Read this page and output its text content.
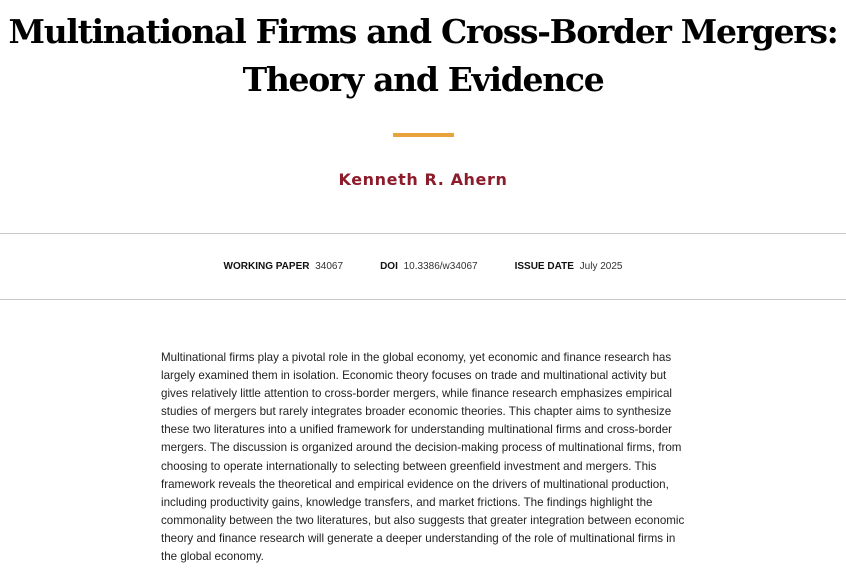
Multinational Firms and Cross-Border Mergers:
Theory and Evidence
Kenneth R. Ahern
WORKING PAPER 34067	DOI 10.3386/w34067	ISSUE DATE July 2025

Multinational firms play a pivotal role in the global economy, yet economic and finance research has largely examined them in isolation. Economic theory focuses on trade and multinational activity but gives relatively little attention to cross-border mergers, while finance research emphasizes empirical studies of mergers but rarely integrates broader economic theories. This chapter aims to synthesize these two literatures into a unified framework for understanding multinational firms and cross-border mergers. The discussion is organized around the decision-making process of multinational firms, from choosing to operate internationally to selecting between greenfield investment and mergers. This framework reveals the theoretical and empirical evidence on the drivers of multinational production, including productivity gains, knowledge transfers, and market frictions. The findings highlight the commonality between the two literatures, but also suggests that greater integration between economic theory and finance research will generate a deeper understanding of the role of multinational firms in the global economy.
